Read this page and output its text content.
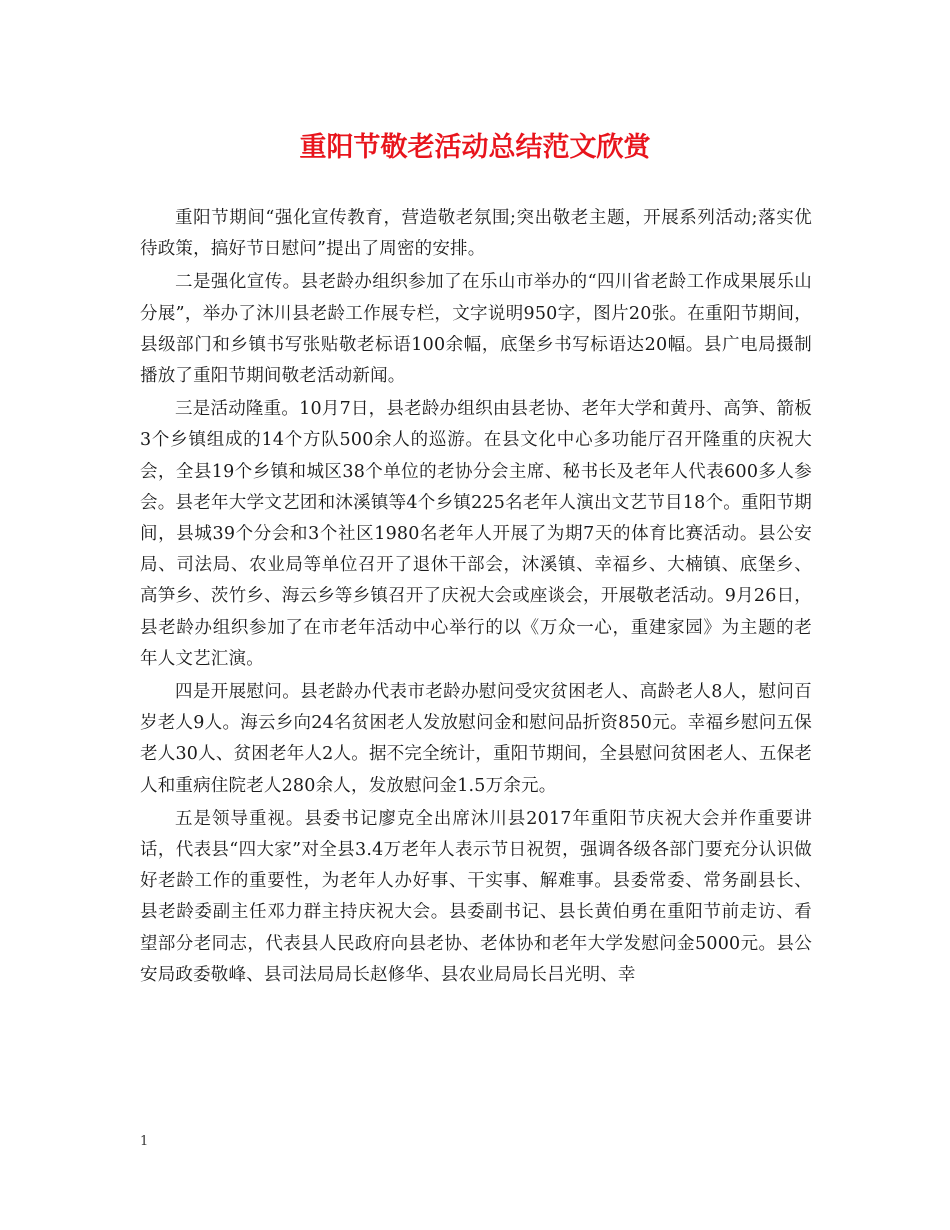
重阳节敬老活动总结范文欣赏

重阳节期间“强化宣传教育，营造敬老氛围;突出敬老主题，开展系列活动;落实优待政策，搞好节日慰问”提出了周密的安排。

二是强化宣传。县老龄办组织参加了在乐山市举办的“四川省老龄工作成果展乐山分展”，举办了沐川县老龄工作展专栏，文字说明950字，图片20张。在重阳节期间，县级部门和乡镇书写张贴敬老标语100余幅，底堡乡书写标语达20幅。县广电局摄制播放了重阳节期间敬老活动新闻。

三是活动隆重。10月7日，县老龄办组织由县老协、老年大学和黄丹、高笋、箭板3个乡镇组成的14个方队500余人的巡游。在县文化中心多功能厅召开隆重的庆祝大会，全县19个乡镇和城区38个单位的老协分会主席、秘书长及老年人代表600多人参会。县老年大学文艺团和沐溪镇等4个乡镇225名老年人演出文艺节目18个。重阳节期间，县城39个分会和3个社区1980名老年人开展了为期7天的体育比赛活动。县公安局、司法局、农业局等单位召开了退休干部会，沐溪镇、幸福乡、大楠镇、底堡乡、高笋乡、茨竹乡、海云乡等乡镇召开了庆祝大会或座谈会，开展敬老活动。9月26日，县老龄办组织参加了在市老年活动中心举行的以《万众一心，重建家园》为主题的老年人文艺汇演。

四是开展慰问。县老龄办代表市老龄办慰问受灾贫困老人、高龄老人8人，慰问百岁老人9人。海云乡向24名贫困老人发放慰问金和慰问品折资850元。幸福乡慰问五保老人30人、贫困老年人2人。据不完全统计，重阳节期间，全县慰问贫困老人、五保老人和重病住院老人280余人，发放慰问金1.5万余元。

五是领导重视。县委书记廖克全出席沐川县2017年重阳节庆祝大会并作重要讲话，代表县“四大家”对全县3.4万老年人表示节日祝贺，强调各级各部门要充分认识做好老龄工作的重要性，为老年人办好事、干实事、解难事。县委常委、常务副县长、县老龄委副主任邓力群主持庆祝大会。县委副书记、县长黄伯勇在重阳节前走访、看望部分老同志，代表县人民政府向县老协、老体协和老年大学发慰问金5000元。县公安局政委敬峰、县司法局局长赵修华、县农业局局长吕光明、幸

1
